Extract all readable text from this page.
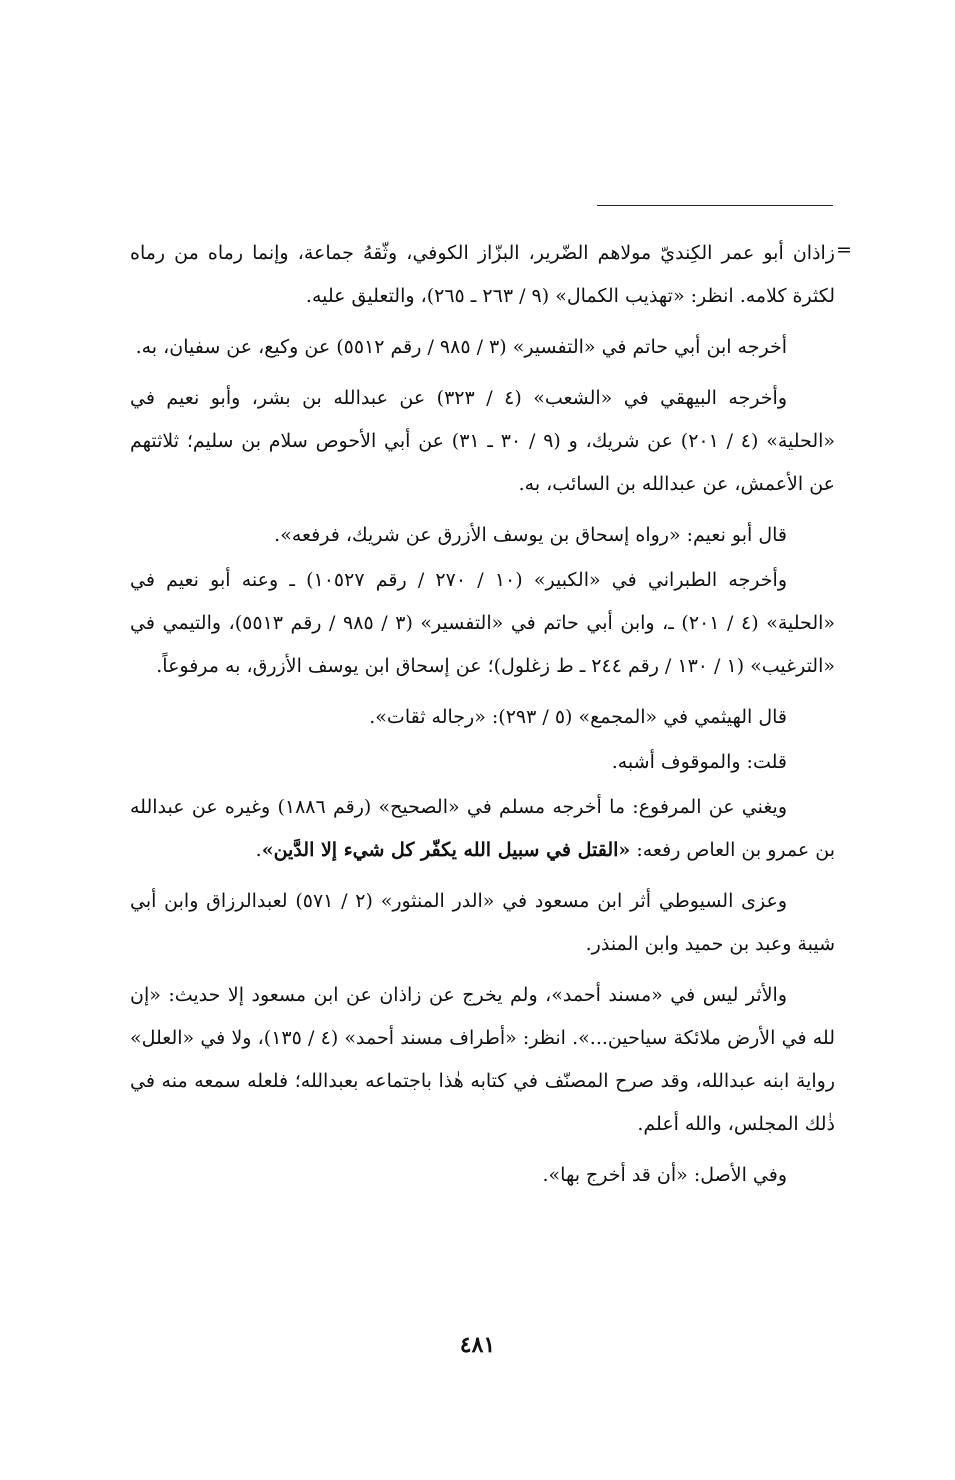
=

زاذان أبو عمر الكِنديّ مولاهم الضّرير، البزّاز الكوفي، وثّقهُ جماعة، وإنما رماه من رماه لكثرة كلامه. انظر: «تهذيب الكمال» (٩ / ٢٦٣ ـ ٢٦٥)، والتعليق عليه.

أخرجه ابن أبي حاتم في «التفسير» (٣ / ٩٨٥ / رقم ٥٥١٢) عن وكيع، عن سفيان، به.

وأخرجه البيهقي في «الشعب» (٤ / ٣٢٣) عن عبدالله بن بشر، وأبو نعيم في «الحلية» (٤ / ٢٠١) عن شريك، و (٩ / ٣٠ ـ ٣١) عن أبي الأحوص سلام بن سليم؛ ثلاثتهم عن الأعمش، عن عبدالله بن السائب، به.

قال أبو نعيم: «رواه إسحاق بن يوسف الأزرق عن شريك، فرفعه».

وأخرجه الطبراني في «الكبير» (١٠ / ٢٧٠ / رقم ١٠٥٢٧) ـ وعنه أبو نعيم في «الحلية» (٤ / ٢٠١) ـ، وابن أبي حاتم في «التفسير» (٣ / ٩٨٥ / رقم ٥٥١٣)، والتيمي في «الترغيب» (١ / ١٣٠ / رقم ٢٤٤ ـ ط زغلول)؛ عن إسحاق ابن يوسف الأزرق، به مرفوعاً.

قال الهيثمي في «المجمع» (٥ / ٢٩٣): «رجاله ثقات».

قلت: والموقوف أشبه.

ويغني عن المرفوع: ما أخرجه مسلم في «الصحيح» (رقم ١٨٨٦) وغيره عن عبدالله بن عمرو بن العاص رفعه: «القتل في سبيل الله يكفّر كل شيء إلا الدَّين».

وعزى السيوطي أثر ابن مسعود في «الدر المنثور» (٢ / ٥٧١) لعبدالرزاق وابن أبي شيبة وعبد بن حميد وابن المنذر.

والأثر ليس في «مسند أحمد»، ولم يخرج عن زاذان عن ابن مسعود إلا حديث: «إن لله في الأرض ملائكة سياحين...». انظر: «أطراف مسند أحمد» (٤ / ١٣٥)، ولا في «العلل» رواية ابنه عبدالله، وقد صرح المصنّف في كتابه هٰذا باجتماعه بعبدالله؛ فلعله سمعه منه في ذٰلك المجلس، والله أعلم.

وفي الأصل: «أن قد أخرج بها».

٤٨١
